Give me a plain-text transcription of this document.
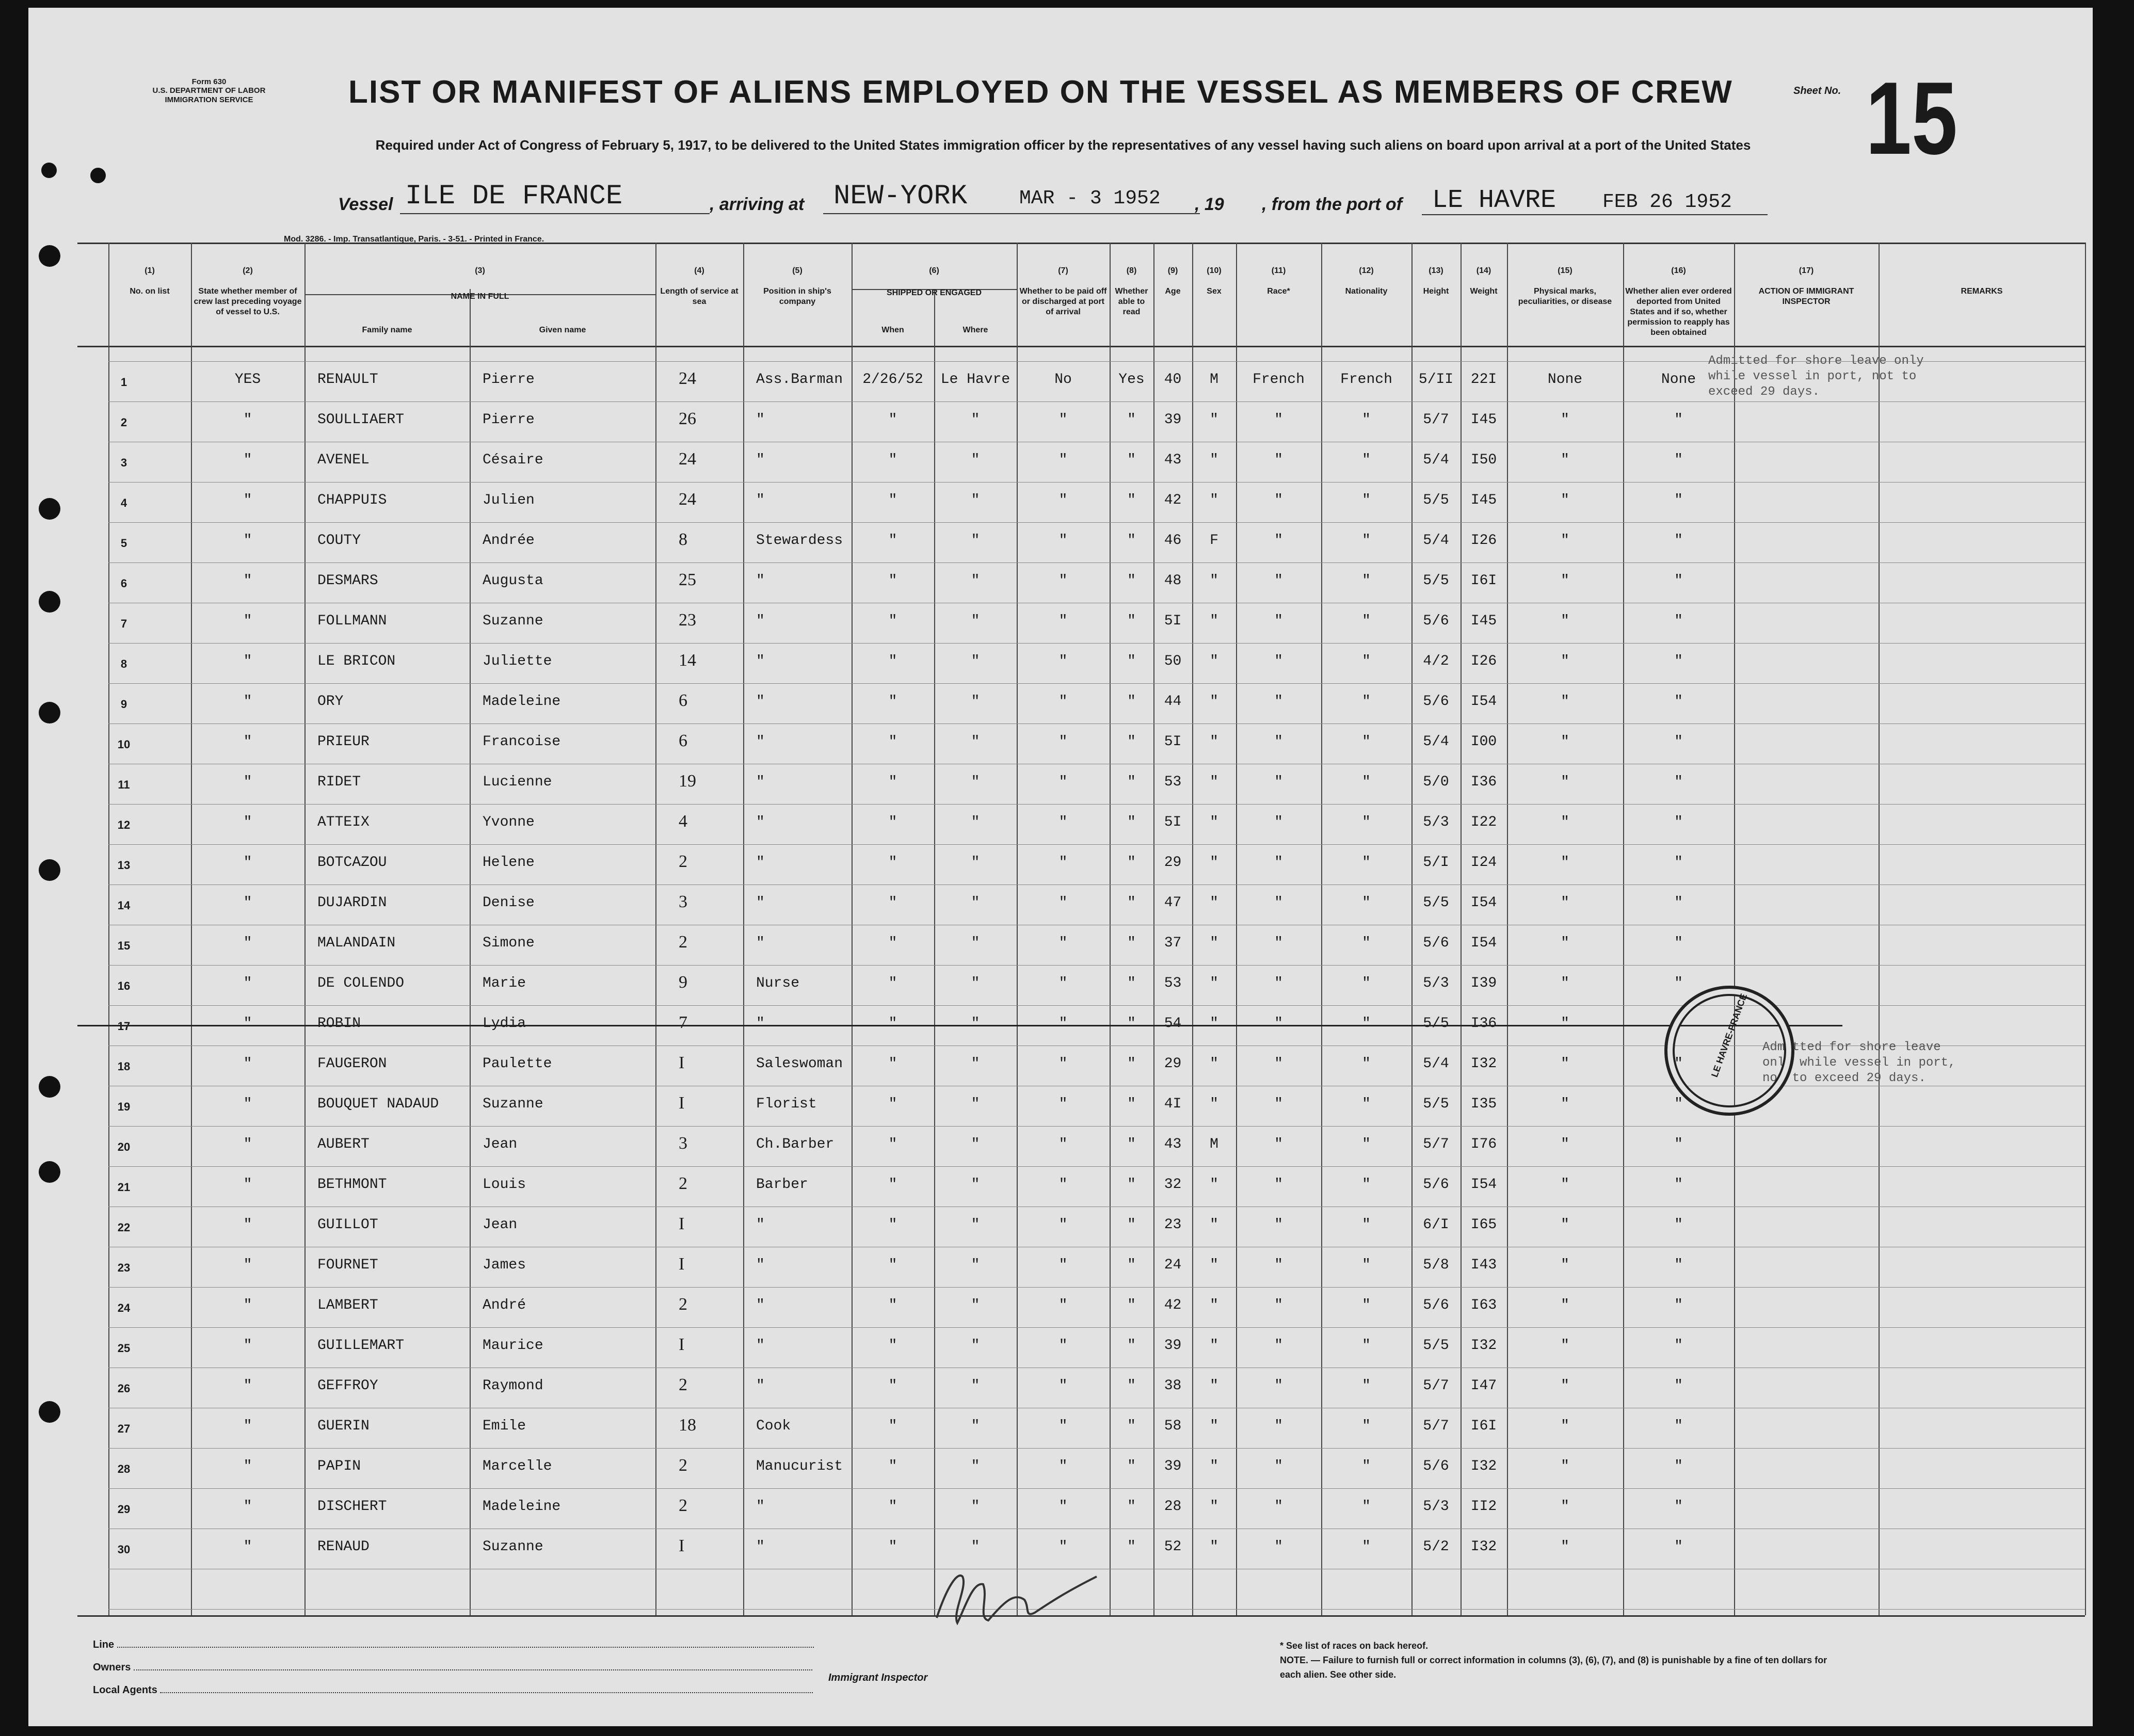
Form 630
U.S. DEPARTMENT OF LABOR
IMMIGRATION SERVICE	LIST OR MANIFEST OF ALIENS EMPLOYED ON THE VESSEL AS MEMBERS OF CREW	Sheet No. 15
Required under Act of Congress of February 5, 1917, to be delivered to the United States immigration officer by the representatives of any vessel having such aliens on board upon arrival at a port of the United States
Vessel ILE DE FRANCE	, arriving at NEW-YORK	MAR - 3 1952 , 19 , from the port of LE HAVRE FEB 26 1952
Mod. 3286. - Imp. Transatlantique, Paris. - 3-51. - Printed in France.
(1)
No. on list
(2)
State whether member of crew last preceding voyage of vessel to U.S.
(3)
NAME IN FULL
Family name	Given name
(4)
Length of service at sea
(5)
Position in ship's company
(6)
SHIPPED OR ENGAGED
When	Where
(7)
Whether to be paid off or discharged at port of arrival
(8)
Whether able to read
(9)
Age
(10)
Sex
(11)
Race*
(12)
Nationality
(13)
Height
(14)
Weight
(15)
Physical marks, peculiarities, or disease
(16)
Whether alien ever ordered deported from United States and if so, whether permission to reapply has been obtained
(17)
ACTION OF IMMIGRANT INSPECTOR
REMARKS
1	YES	RENAULT	Pierre	24	Ass.Barman	2/26/52	Le Havre	No	Yes	40	M	French	French	5/II	22I	None	None
2	"	SOULLIAERT	Pierre	26	"	"	"	"	"	39	"	"	"	5/7	I45	"	"
3	"	AVENEL	Césaire	24	"	"	"	"	"	43	"	"	"	5/4	I50	"	"
4	"	CHAPPUIS	Julien	24	"	"	"	"	"	42	"	"	"	5/5	I45	"	"
5	"	COUTY	Andrée	8	Stewardess	"	"	"	"	46	F	"	"	5/4	I26	"	"
6	"	DESMARS	Augusta	25	"	"	"	"	"	48	"	"	"	5/5	I6I	"	"
7	"	FOLLMANN	Suzanne	23	"	"	"	"	"	5I	"	"	"	5/6	I45	"	"
8	"	LE BRICON	Juliette	14	"	"	"	"	"	50	"	"	"	4/2	I26	"	"
9	"	ORY	Madeleine	6	"	"	"	"	"	44	"	"	"	5/6	I54	"	"
10	"	PRIEUR	Francoise	6	"	"	"	"	"	5I	"	"	"	5/4	I00	"	"
11	"	RIDET	Lucienne	19	"	"	"	"	"	53	"	"	"	5/0	I36	"	"
12	"	ATTEIX	Yvonne	4	"	"	"	"	"	5I	"	"	"	5/3	I22	"	"
13	"	BOTCAZOU	Helene	2	"	"	"	"	"	29	"	"	"	5/I	I24	"	"
14	"	DUJARDIN	Denise	3	"	"	"	"	"	47	"	"	"	5/5	I54	"	"
15	"	MALANDAIN	Simone	2	"	"	"	"	"	37	"	"	"	5/6	I54	"	"
16	"	DE COLENDO	Marie	9	Nurse	"	"	"	"	53	"	"	"	5/3	I39	"	"
17	"	ROBIN	Lydia	7	"	"	"	"	"	54	"	"	"	5/5	I36	"	"
18	"	FAUGERON	Paulette	I	Saleswoman	"	"	"	"	29	"	"	"	5/4	I32	"	"
19	"	BOUQUET NADAUD	Suzanne	I	Florist	"	"	"	"	4I	"	"	"	5/5	I35	"	"
20	"	AUBERT	Jean	3	Ch.Barber	"	"	"	"	43	M	"	"	5/7	I76	"	"
21	"	BETHMONT	Louis	2	Barber	"	"	"	"	32	"	"	"	5/6	I54	"	"
22	"	GUILLOT	Jean	I	"	"	"	"	"	23	"	"	"	6/I	I65	"	"
23	"	FOURNET	James	I	"	"	"	"	"	24	"	"	"	5/8	I43	"	"
24	"	LAMBERT	André	2	"	"	"	"	"	42	"	"	"	5/6	I63	"	"
25	"	GUILLEMART	Maurice	I	"	"	"	"	"	39	"	"	"	5/5	I32	"	"
26	"	GEFFROY	Raymond	2	"	"	"	"	"	38	"	"	"	5/7	I47	"	"
27	"	GUERIN	Emile	18	Cook	"	"	"	"	58	"	"	"	5/7	I6I	"	"
28	"	PAPIN	Marcelle	2	Manucurist	"	"	"	"	39	"	"	"	5/6	I32	"	"
29	"	DISCHERT	Madeleine	2	"	"	"	"	"	28	"	"	"	5/3	II2	"	"
30	"	RENAUD	Suzanne	I	"	"	"	"	"	52	"	"	"	5/2	I32	"	"
Admitted for shore leave only while vessel in port, not to exceed 29 days.
Admitted for shore leave only while vessel in port, not to exceed 29 days.
LE HAVRE-FRANCE
Line
Owners
Local Agents
Immigrant Inspector
* See list of races on back hereof.
NOTE. — Failure to furnish full or correct information in columns (3), (6), (7), and (8) is punishable by a fine of ten dollars for each alien. See other side.
